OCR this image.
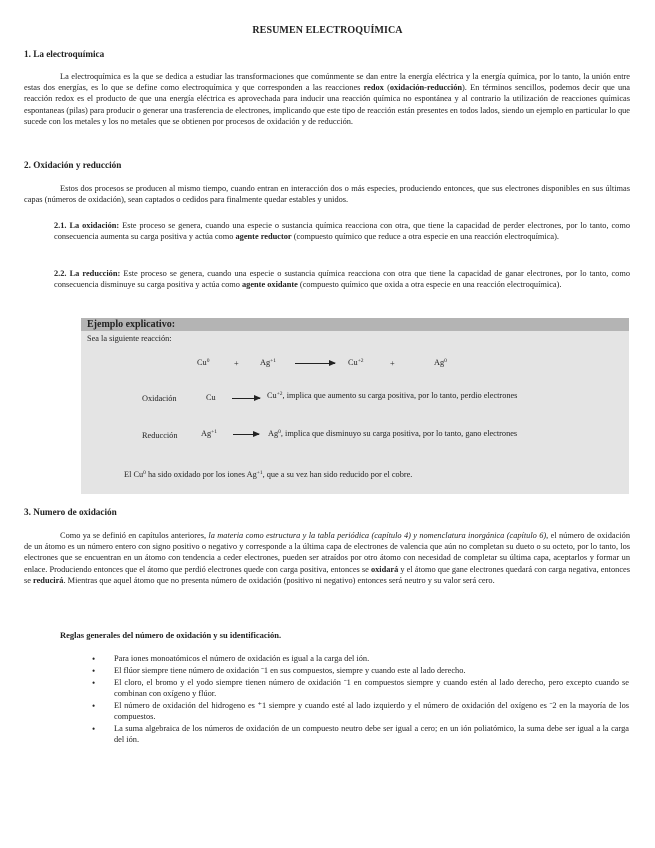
RESUMEN ELECTROQUÍMICA
1. La electroquímica
La electroquímica es la que se dedica a estudiar las transformaciones que comúnmente se dan entre la energía eléctrica y la energía química, por lo tanto, la unión entre estas dos energías, es lo que se define como electroquímica y que corresponden a las reacciones redox (oxidación-reducción). En términos sencillos, podemos decir que una reacción redox es el producto de que una energía eléctrica es aprovechada para inducir una reacción química no espontánea y al contrario la utilización de reacciones químicas espontaneas (pilas) para producir o generar una trasferencia de electrones, implicando que este tipo de reacción están presentes en todos lados, siendo un ejemplo en particular lo que sucede con los metales y los no metales que se obtienen por procesos de oxidación y de reducción.
2. Oxidación y reducción
Estos dos procesos se producen al mismo tiempo, cuando entran en interacción dos o más especies, produciendo entonces, que sus electrones disponibles en sus últimas capas (números de oxidación), sean captados o cedidos para finalmente quedar estables y unidos.
2.1. La oxidación: Este proceso se genera, cuando una especie o sustancia química reacciona con otra, que tiene la capacidad de perder electrones, por lo tanto, como consecuencia aumenta su carga positiva y actúa como agente reductor (compuesto químico que reduce a otra especie en una reacción electroquímica).
2.2. La reducción: Este proceso se genera, cuando una especie o sustancia química reacciona con otra que tiene la capacidad de ganar electrones, por lo tanto, como consecuencia disminuye su carga positiva y actúa como agente oxidante (compuesto químico que oxida a otra especie en una reacción electroquímica).
Ejemplo explicativo:
Sea la siguiente reacción:
$Cu^0$	+	$Ag^{+1} \to Cu^{+2}$	+	$Ag^0$
Oxidación	Cu	$Cu^{+2}$, implica que aumento su carga positiva, por lo tanto, perdio electrones
Reducción	$Ag^{+1}$	Ag$^0$, implica que disminuyo su carga positiva, por lo tanto, gano electrones
El Cu$^0$ ha sido oxidado por los iones $Ag^{+1}$, que a su vez han sido reducido por el cobre.
3. Numero de oxidación
Como ya se definió en capítulos anteriores, la materia como estructura y la tabla periódica (capítulo 4) y nomenclatura inorgánica (capítulo 6), el número de oxidación de un átomo es un número entero con signo positivo o negativo y corresponde a la última capa de electrones de valencia que aún no completan su dueto o su octeto, por lo tanto, los electrones que se encuentran en un átomo con tendencia a ceder electrones, pueden ser atraídos por otro átomo con necesidad de completar su última capa, aceptarlos y formar un enlace. Produciendo entonces que el átomo que perdió electrones quede con carga positiva, entonces se oxidará y el átomo que gane electrones quedará con carga negativa, entonces se reducirá. Mientras que aquel átomo que no presenta número de oxidación (positivo ni negativo) entonces será neutro y su valor será cero.
Reglas generales del número de oxidación y su identificación.
• Para iones monoatómicos el número de oxidación es igual a la carga del ión.
• El flúor siempre tiene número de oxidación ˉ1 en sus compuestos, siempre y cuando este al lado derecho.
• El cloro, el bromo y el yodo siempre tienen número de oxidación ˉ1 en compuestos siempre y cuando estén al lado derecho, pero excepto cuando se combinan con oxígeno y flúor.
• El número de oxidación del hidrogeno es ⁺1 siempre y cuando esté al lado izquierdo y el número de oxidación del oxígeno es ˉ2 en la mayoría de los compuestos.
• La suma algebraica de los números de oxidación de un compuesto neutro debe ser igual a cero; en un ión poliatómico, la suma debe ser igual a la carga del ión.
